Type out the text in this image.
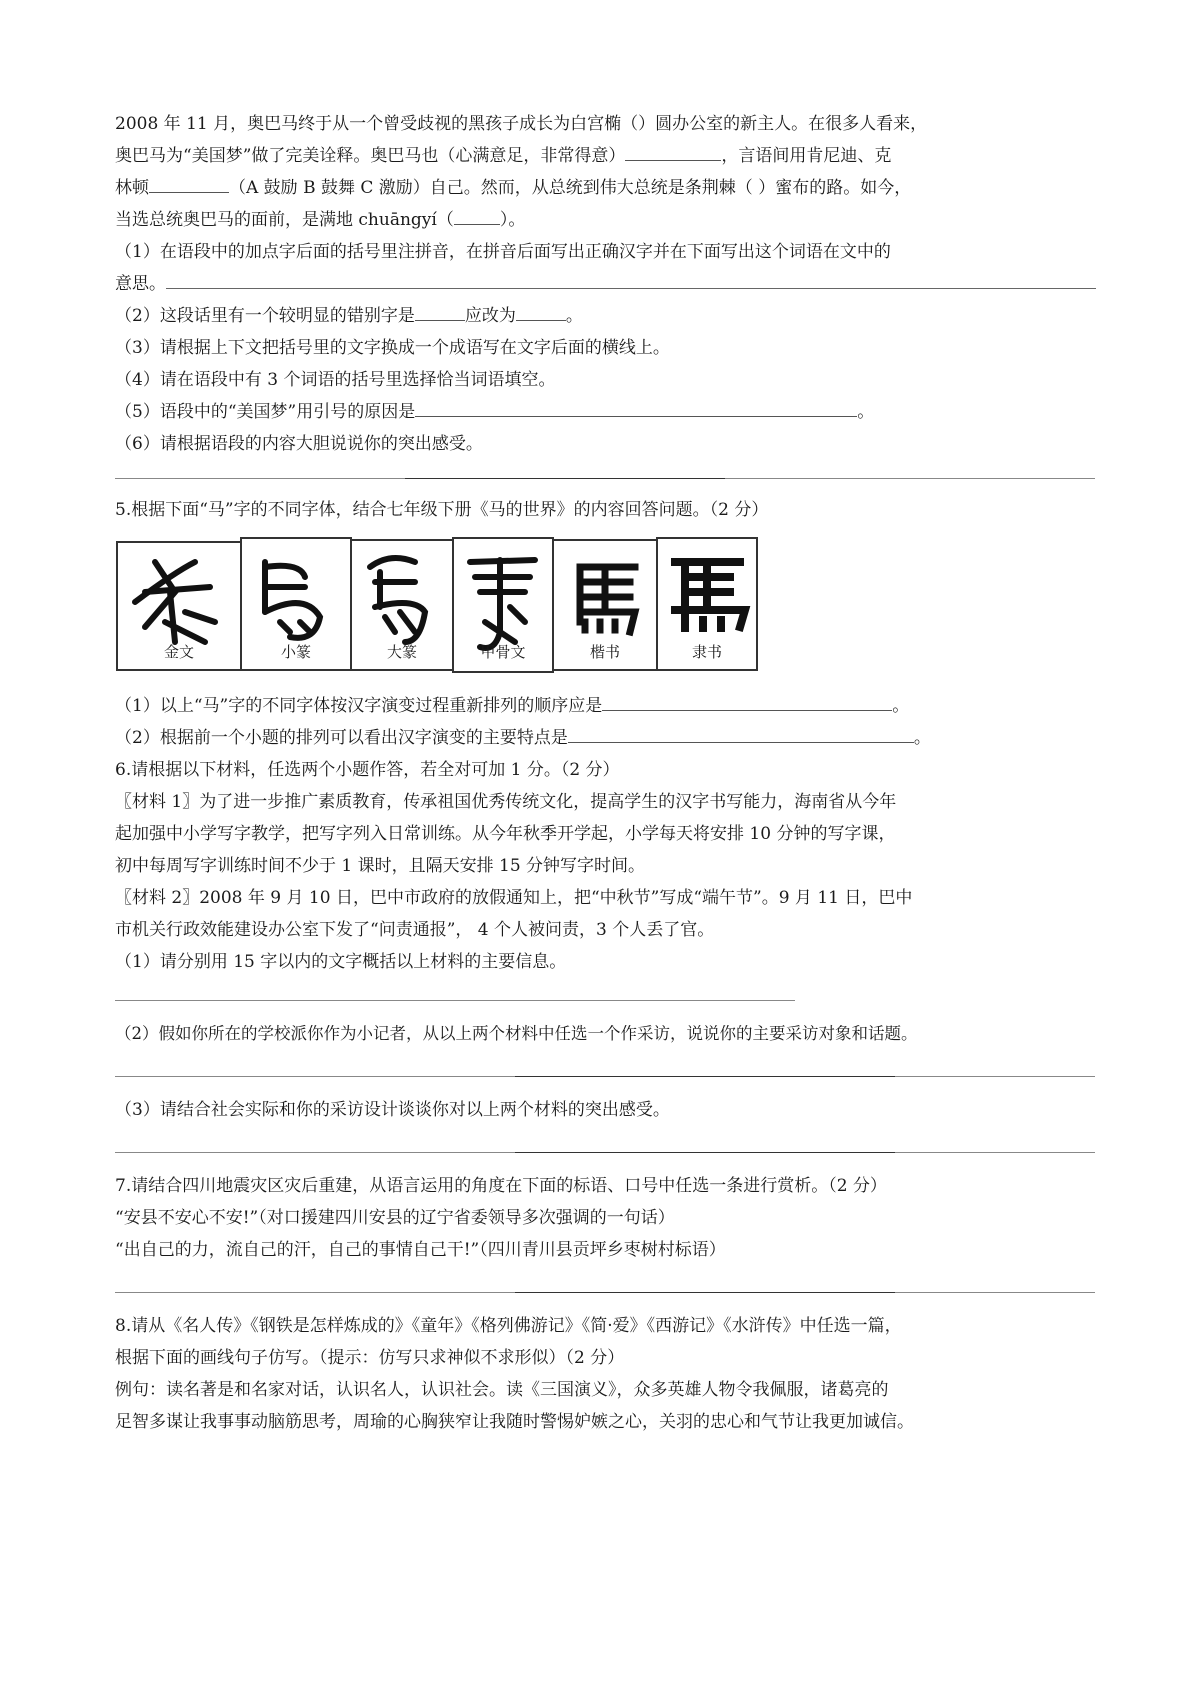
2008 年 11 月，奥巴马终于从一个曾受歧视的黑孩子成长为白宫椭（）圆办公室的新主人。在很多人看来，

奥巴马为“美国梦”做了完美诠释。奥巴马也（心满意足，非常得意）	，言语间用肯尼迪、克

林顿	（A 鼓励 B 鼓舞 C 激励）自己。然而，从总统到伟大总统是条荆棘（ ）蜜布的路。如今，

当选总统奥巴马的面前，是满地 chuāngyí（	）。

（1）在语段中的加点字后面的括号里注拼音，在拼音后面写出正确汉字并在下面写出这个词语在文中的

意思。

（2）这段话里有一个较明显的错别字是	应改为	。

（3）请根据上下文把括号里的文字换成一个成语写在文字后面的横线上。

（4）请在语段中有 3 个词语的括号里选择恰当词语填空。

（5）语段中的“美国梦”用引号的原因是	。

（6）请根据语段的内容大胆说说你的突出感受。

5.根据下面“马”字的不同字体，结合七年级下册《马的世界》的内容回答问题。（2 分）

金文	小篆	大篆	甲骨文	楷书	隶书

（1）以上“马”字的不同字体按汉字演变过程重新排列的顺序应是	。

（2）根据前一个小题的排列可以看出汉字演变的主要特点是	。

6.请根据以下材料，任选两个小题作答，若全对可加 1 分。（2 分）

〖材料 1〗为了进一步推广素质教育，传承祖国优秀传统文化，提高学生的汉字书写能力，海南省从今年

起加强中小学写字教学，把写字列入日常训练。从今年秋季开学起，小学每天将安排 10 分钟的写字课，

初中每周写字训练时间不少于 1 课时，且隔天安排 15 分钟写字时间。

〖材料 2〗2008 年 9 月 10 日，巴中市政府的放假通知上，把“中秋节”写成“端午节”。9 月 11 日，巴中

市机关行政效能建设办公室下发了“问责通报”， 4 个人被问责，3 个人丢了官。

（1）请分别用 15 字以内的文字概括以上材料的主要信息。

（2）假如你所在的学校派你作为小记者，从以上两个材料中任选一个作采访，说说你的主要采访对象和话题。

（3）请结合社会实际和你的采访设计谈谈你对以上两个材料的突出感受。

7.请结合四川地震灾区灾后重建，从语言运用的角度在下面的标语、口号中任选一条进行赏析。（2 分）

“安县不安心不安!”（对口援建四川安县的辽宁省委领导多次强调的一句话）

“出自己的力，流自己的汗，自己的事情自己干!”（四川青川县贡坪乡枣树村标语）

8.请从《名人传》《钢铁是怎样炼成的》《童年》《格列佛游记》《简·爱》《西游记》《水浒传》中任选一篇，

根据下面的画线句子仿写。（提示：仿写只求神似不求形似）（2 分）

例句：读名著是和名家对话，认识名人，认识社会。读《三国演义》，众多英雄人物令我佩服，诸葛亮的

足智多谋让我事事动脑筋思考，周瑜的心胸狭窄让我随时警惕妒嫉之心，关羽的忠心和气节让我更加诚信。
